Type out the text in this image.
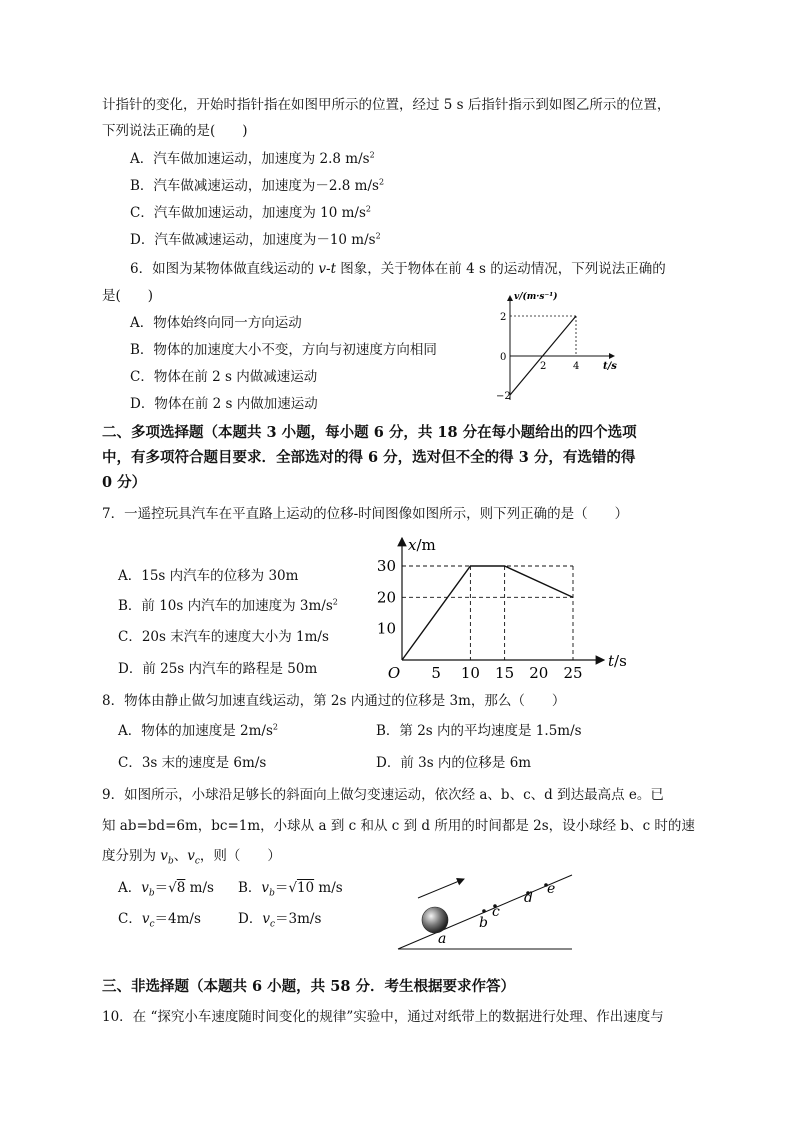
计指针的变化，开始时指针指在如图甲所示的位置，经过 5 s 后指针指示到如图乙所示的位置，
下列说法正确的是(　　)
A．汽车做加速运动，加速度为 2.8 $m/s^2$
B．汽车做减速运动，加速度为－2.8 $m/s^2$
C．汽车做加速运动，加速度为 10 $m/s^2$
D．汽车做减速运动，加速度为－10 $m/s^2$
6．如图为某物体做直线运动的 v-t 图象，关于物体在前 4 s 的运动情况，下列说法正确的
是(　　)
A．物体始终向同一方向运动
B．物体的加速度大小不变，方向与初速度方向相同
C．物体在前 2 s 内做减速运动
D．物体在前 2 s 内做加速运动
v/(m·s⁻¹)
2
0
−2
2	4 t/s
二、多项选择题（本题共 3 小题，每小题 6 分，共 18 分在每小题给出的四个选项
中，有多项符合题目要求．全部选对的得 6 分，选对但不全的得 3 分，有选错的得
0 分）
7．一遥控玩具汽车在平直路上运动的位移-时间图像如图所示，则下列正确的是（　　）
A．15s 内汽车的位移为 30m
B．前 10s 内汽车的加速度为 $3m/s^2$
C．20s 末汽车的速度大小为 1m/s
D．前 25s 内汽车的路程是 50m	5 10 15 20 25
10
20
30
O
x/m
t/s
8．物体由静止做匀加速直线运动，第 2s 内通过的位移是 3m，那么（　　）
A．物体的加速度是 $2m/s^2$	B．第 2s 内的平均速度是 1.5m/s
C．3s 末的速度是 6m/s	D．前 3s 内的位移是 6m
9．如图所示，小球沿足够长的斜面向上做匀变速运动，依次经 a、b、c、d 到达最高点 e。已
知 ab=bd=6m，bc=1m，小球从 a 到 c 和从 c 到 d 所用的时间都是 2s，设小球经 b、c 时的速
度分别为 $v_b$、$v_c$，则（　　）
A．$v_b=√8$ m/s B．$v_b=√10$ m/s
C．$v_c=4m/s$	D．$v_c=3m/s$
a
b
c
d
e
三、非选择题（本题共 6 小题，共 58 分．考生根据要求作答）
10．在 “探究小车速度随时间变化的规律”实验中，通过对纸带上的数据进行处理、作出速度与
